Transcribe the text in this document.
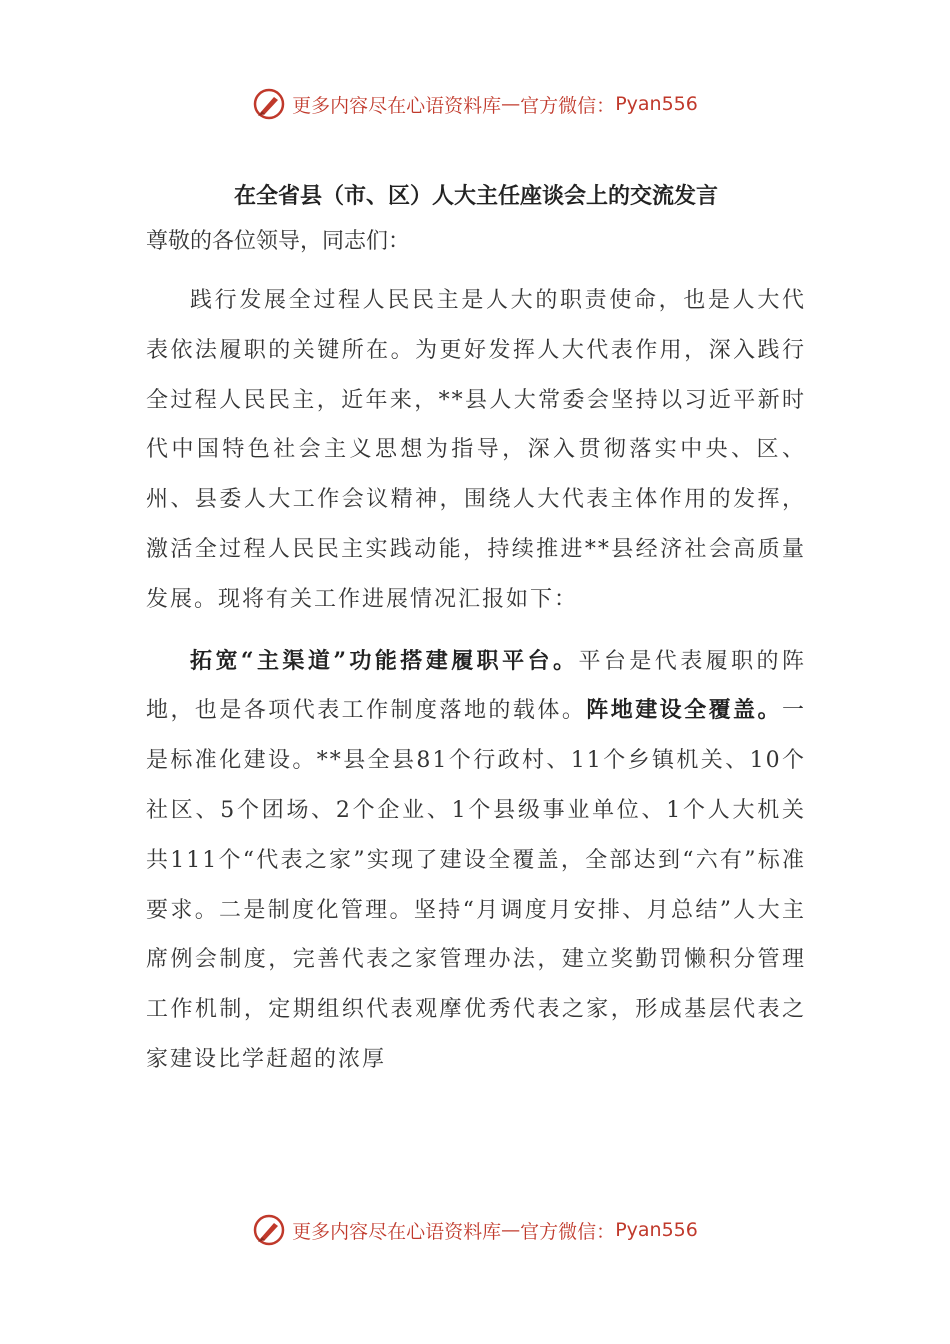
更多内容尽在心语资料库 — 官方微信： Pyan556
在全省县（市、区）人大主任座谈会上的交流发言
尊敬的各位领导，同志们：

践行发展全过程人民民主是人大的职责使命，也是人大代表依法履职的关键所在。为更好发挥人大代表作用，深入践行全过程人民民主，近年来，**县人大常委会坚持以习近平新时代中国特色社会主义思想为指导，深入贯彻落实中央、区、州、县委人大工作会议精神，围绕人大代表主体作用的发挥，激活全过程人民民主实践动能，持续推进**县经济社会高质量发展。现将有关工作进展情况汇报如下：

拓宽“主渠道”功能搭建履职平台。平台是代表履职的阵地，也是各项代表工作制度落地的载体。阵地建设全覆盖。一是标准化建设。**县全县81个行政村、11个乡镇机关、10个社区、5个团场、2个企业、1个县级事业单位、1个人大机关共111个“代表之家”实现了建设全覆盖，全部达到“六有”标准要求。二是制度化管理。坚持“月调度月安排、月总结”人大主席例会制度，完善代表之家管理办法，建立奖勤罚懒积分管理工作机制，定期组织代表观摩优秀代表之家，形成基层代表之家建设比学赶超的浓厚

更多内容尽在心语资料库 — 官方微信： Pyan556
